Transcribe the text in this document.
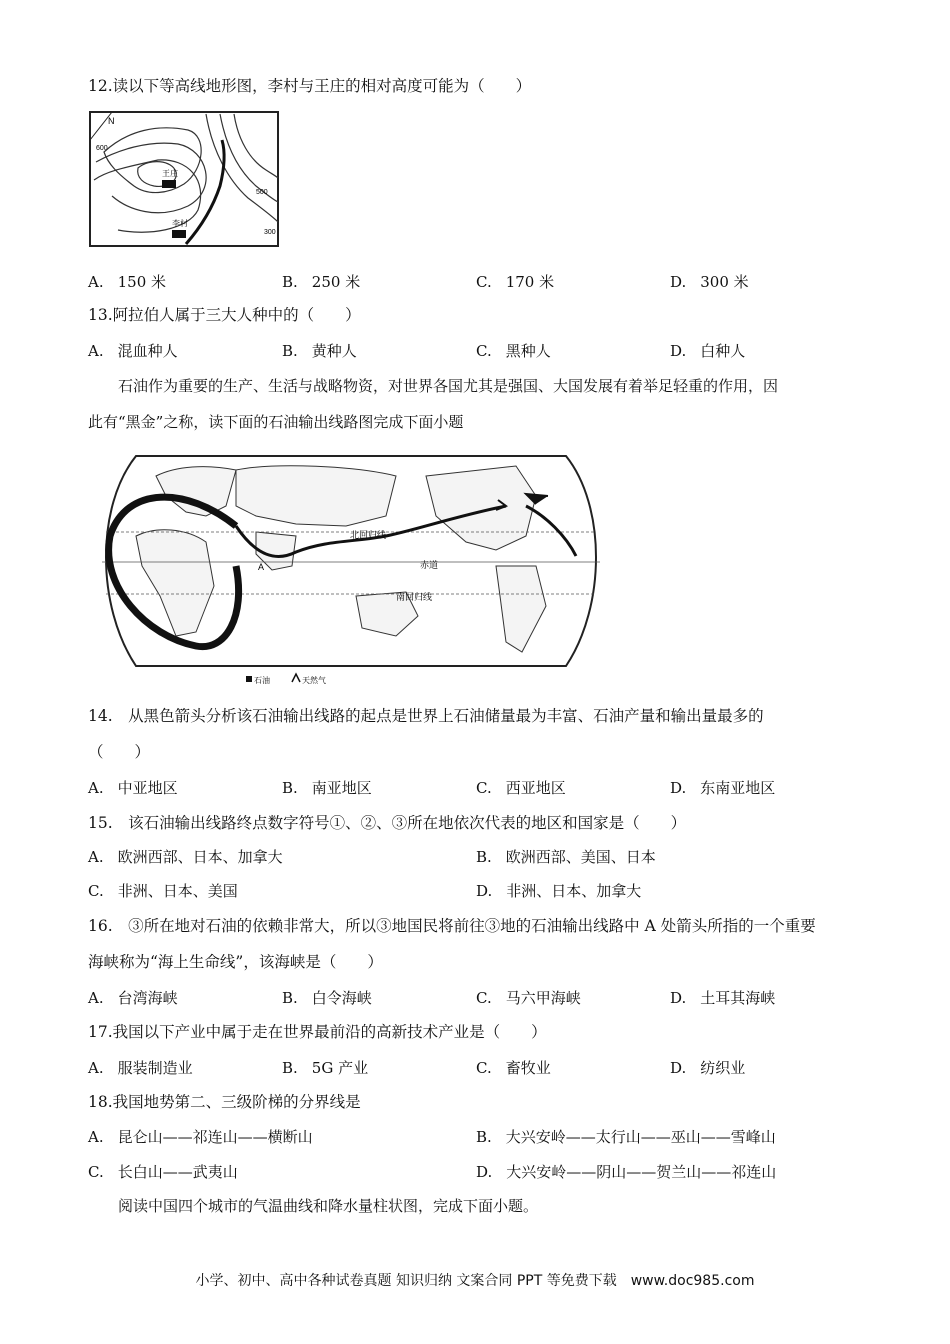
12.读以下等高线地形图，李村与王庄的相对高度可能为（　　）
N
600
500
300
王庄
李村
A. 150 米	B. 250 米	C. 170 米	D. 300 米
13.阿拉伯人属于三大人种中的（　　）
A. 混血种人	B. 黄种人	C. 黑种人	D. 白种人
石油作为重要的生产、生活与战略物资，对世界各国尤其是强国、大国发展有着举足轻重的作用，因
此有“黑金”之称，读下面的石油输出线路图完成下面小题
北回归线
赤道
南回归线
A
石油	天然气
14.　从黑色箭头分析该石油输出线路的起点是世界上石油储量最为丰富、石油产量和输出量最多的
（　　）
A. 中亚地区	B. 南亚地区	C. 西亚地区	D. 东南亚地区
15.　该石油输出线路终点数字符号①、②、③所在地依次代表的地区和国家是（　　）
A. 欧洲西部、日本、加拿大	B. 欧洲西部、美国、日本
C. 非洲、日本、美国	D. 非洲、日本、加拿大
16.　③所在地对石油的依赖非常大，所以③地国民将前往③地的石油输出线路中 A 处箭头所指的一个重要
海峡称为“海上生命线”，该海峡是（　　）
A. 台湾海峡	B. 白令海峡	C. 马六甲海峡	D. 土耳其海峡
17.我国以下产业中属于走在世界最前沿的高新技术产业是（　　）
A. 服装制造业	B. 5G 产业	C. 畜牧业	D. 纺织业
18.我国地势第二、三级阶梯的分界线是
A. 昆仑山——祁连山——横断山	B. 大兴安岭——太行山——巫山——雪峰山
C. 长白山——武夷山	D. 大兴安岭——阴山——贺兰山——祁连山
阅读中国四个城市的气温曲线和降水量柱状图，完成下面小题。
小学、初中、高中各种试卷真题 知识归纳 文案合同 PPT 等免费下载　www.doc985.com
